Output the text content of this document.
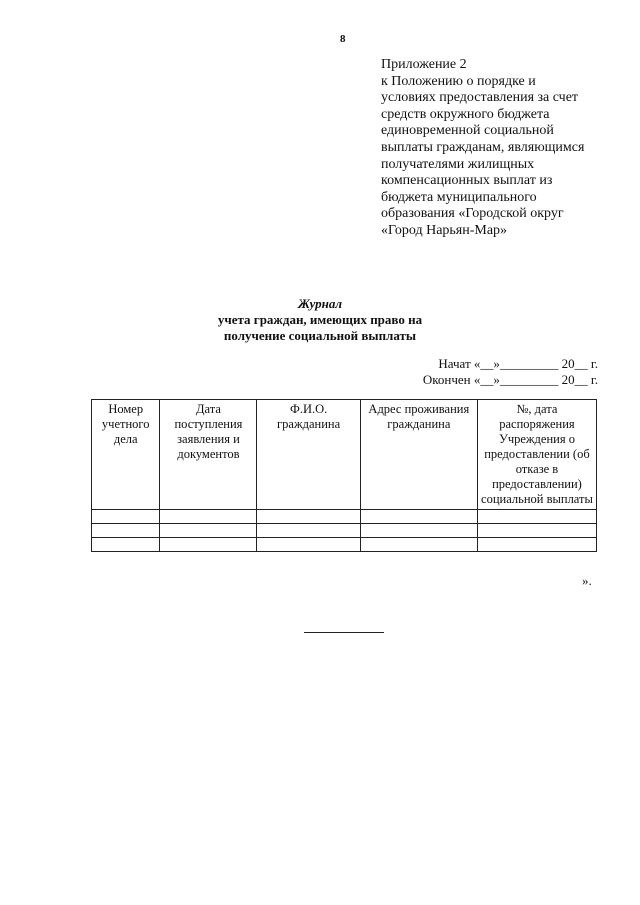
8
Приложение 2
к Положению о порядке и
условиях предоставления за счет
средств окружного бюджета
единовременной социальной
выплаты гражданам, являющимся
получателями жилищных
компенсационных выплат из
бюджета муниципального
образования «Городской округ
«Город Нарьян-Мар»
Журнал
учета граждан, имеющих право на
получение социальной выплаты
Начат «__»_________ 20__ г.
Окончен «__»_________ 20__ г.
Номер учетного дела	Дата поступления заявления и документов	Ф.И.О. гражданина	Адрес проживания гражданина	№, дата распоряжения Учреждения о предоставлении (об отказе в предоставлении) социальной выплаты

».
